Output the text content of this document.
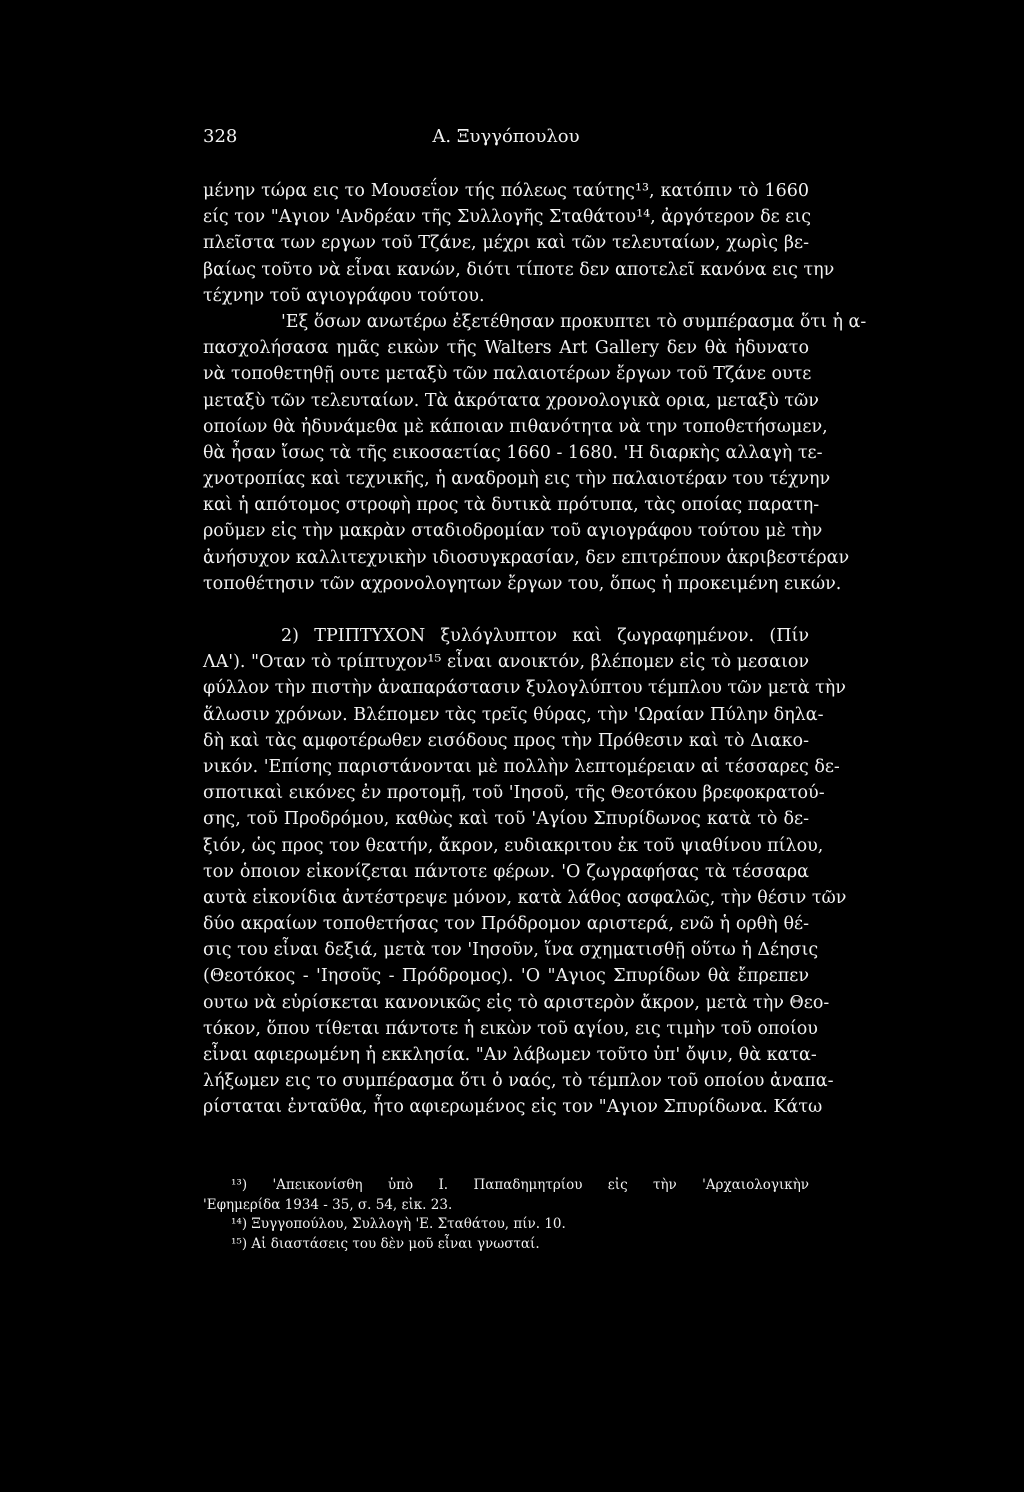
328	Α. Ξυγγόπουλου
μένην τώρα εις το Μουσεΐον τής πόλεως ταύτης¹³, κατόπιν τὸ 1660
είς τον "Αγιον 'Ανδρέαν τῆς Συλλογῆς Σταθάτου¹⁴, ἀργότερον δε εις
πλεῖστα των εργων τοῦ Τζάνε, μέχρι καὶ τῶν τελευταίων, χωρὶς βε-
βαίως τοῦτο νὰ εἶναι κανών, διότι τίποτε δεν αποτελεῖ κανόνα εις την
τέχνην τοῦ αγιογράφου τούτου.
'Εξ ὅσων ανωτέρω ἐξετέθησαν προκυπτει τὸ συμπέρασμα ὅτι ἡ α-
πασχολήσασα ημᾶς εικὼν τῆς Walters Art Gallery δεν θὰ ἠδυνατο
νὰ τοποθετηθῇ ουτε μεταξὺ τῶν παλαιοτέρων ἔργων τοῦ Τζάνε ουτε
μεταξὺ τῶν τελευταίων. Τὰ ἀκρότατα χρονολογικὰ ορια, μεταξὺ τῶν
οποίων θὰ ἠδυνάμεθα μὲ κάποιαν πιθανότητα νὰ την τοποθετήσωμεν,
θὰ ἦσαν ἴσως τὰ τῆς εικοσαετίας 1660 - 1680. 'Η διαρκὴς αλλαγὴ τε-
χνοτροπίας καὶ τεχνικῆς, ἡ αναδρομὴ εις τὴν παλαιοτέραν του τέχνην
καὶ ἡ απότομος στροφὴ προς τὰ δυτικὰ πρότυπα, τὰς οποίας παρατη-
ροῦμεν εἰς τὴν μακρὰν σταδιοδρομίαν τοῦ αγιογράφου τούτου μὲ τὴν
ἀνήσυχον καλλιτεχνικὴν ιδιοσυγκρασίαν, δεν επιτρέπουν ἀκριβεστέραν
τοποθέτησιν τῶν αχρονολογητων ἔργων του, ὅπως ἡ προκειμένη εικών.
2) ΤΡΙΠΤΥΧΟΝ ξυλόγλυπτον καὶ ζωγραφημένον. (Πίν
ΛΑ'). "Οταν τὸ τρίπτυχον¹⁵ εἶναι ανοικτόν, βλέπομεν εἰς τὸ μεσαιον
φύλλον τὴν πιστὴν ἀναπαράστασιν ξυλογλύπτου τέμπλου τῶν μετὰ τὴν
ἅλωσιν χρόνων. Βλέπομεν τὰς τρεῖς θύρας, τὴν 'Ωραίαν Πύλην δηλα-
δὴ καὶ τὰς αμφοτέρωθεν εισόδους προς τὴν Πρόθεσιν καὶ τὸ Διακο-
νικόν. 'Επίσης παριστάνονται μὲ πολλὴν λεπτομέρειαν αἱ τέσσαρες δε-
σποτικαὶ εικόνες ἐν προτομῇ, τοῦ 'Ιησοῦ, τῆς Θεοτόκου βρεφοκρατού-
σης, τοῦ Προδρόμου, καθὼς καὶ τοῦ 'Αγίου Σπυρίδωνος κατὰ τὸ δε-
ξιόν, ὡς προς τον θεατήν, ἄκρον, ευδιακριτου ἐκ τοῦ ψιαθίνου πίλου,
τον ὁποιον εἰκονίζεται πάντοτε φέρων. 'Ο ζωγραφήσας τὰ τέσσαρα
αυτὰ εἰκονίδια ἀντέστρεψε μόνον, κατὰ λάθος ασφαλῶς, τὴν θέσιν τῶν
δύο ακραίων τοποθετήσας τον Πρόδρομον αριστερά, ενῶ ἡ ορθὴ θέ-
σις του εἶναι δεξιά, μετὰ τον 'Ιησοῦν, ἵνα σχηματισθῇ οὕτω ἡ Δέησις
(Θεοτόκος - 'Ιησοῦς - Πρόδρομος). 'Ο "Αγιος Σπυρίδων θὰ ἔπρεπεν
ουτω νὰ εὑρίσκεται κανονικῶς εἰς τὸ αριστερὸν ἄκρον, μετὰ τὴν Θεο-
τόκον, ὅπου τίθεται πάντοτε ἡ εικὼν τοῦ αγίου, εις τιμὴν τοῦ οποίου
εἶναι αφιερωμένη ἡ εκκλησία. "Αν λάβωμεν τοῦτο ὑπ' ὄψιν, θὰ κατα-
λήξωμεν εις το συμπέρασμα ὅτι ὁ ναός, τὸ τέμπλον τοῦ οποίου ἀναπα-
ρίσταται ἐνταῦθα, ἦτο αφιερωμένος εἰς τον "Αγιον Σπυρίδωνα. Κάτω
¹³) 'Απεικονίσθη ὑπὸ Ι. Παπαδημητρίου εἰς τὴν 'Αρχαιολογικὴν
'Εφημερίδα 1934 - 35, σ. 54, εἰκ. 23.
¹⁴) Ξυγγοπούλου, Συλλογὴ 'Ε. Σταθάτου, πίν. 10.
¹⁵) Αἱ διαστάσεις του δὲν μοῦ εἶναι γνωσταί.
